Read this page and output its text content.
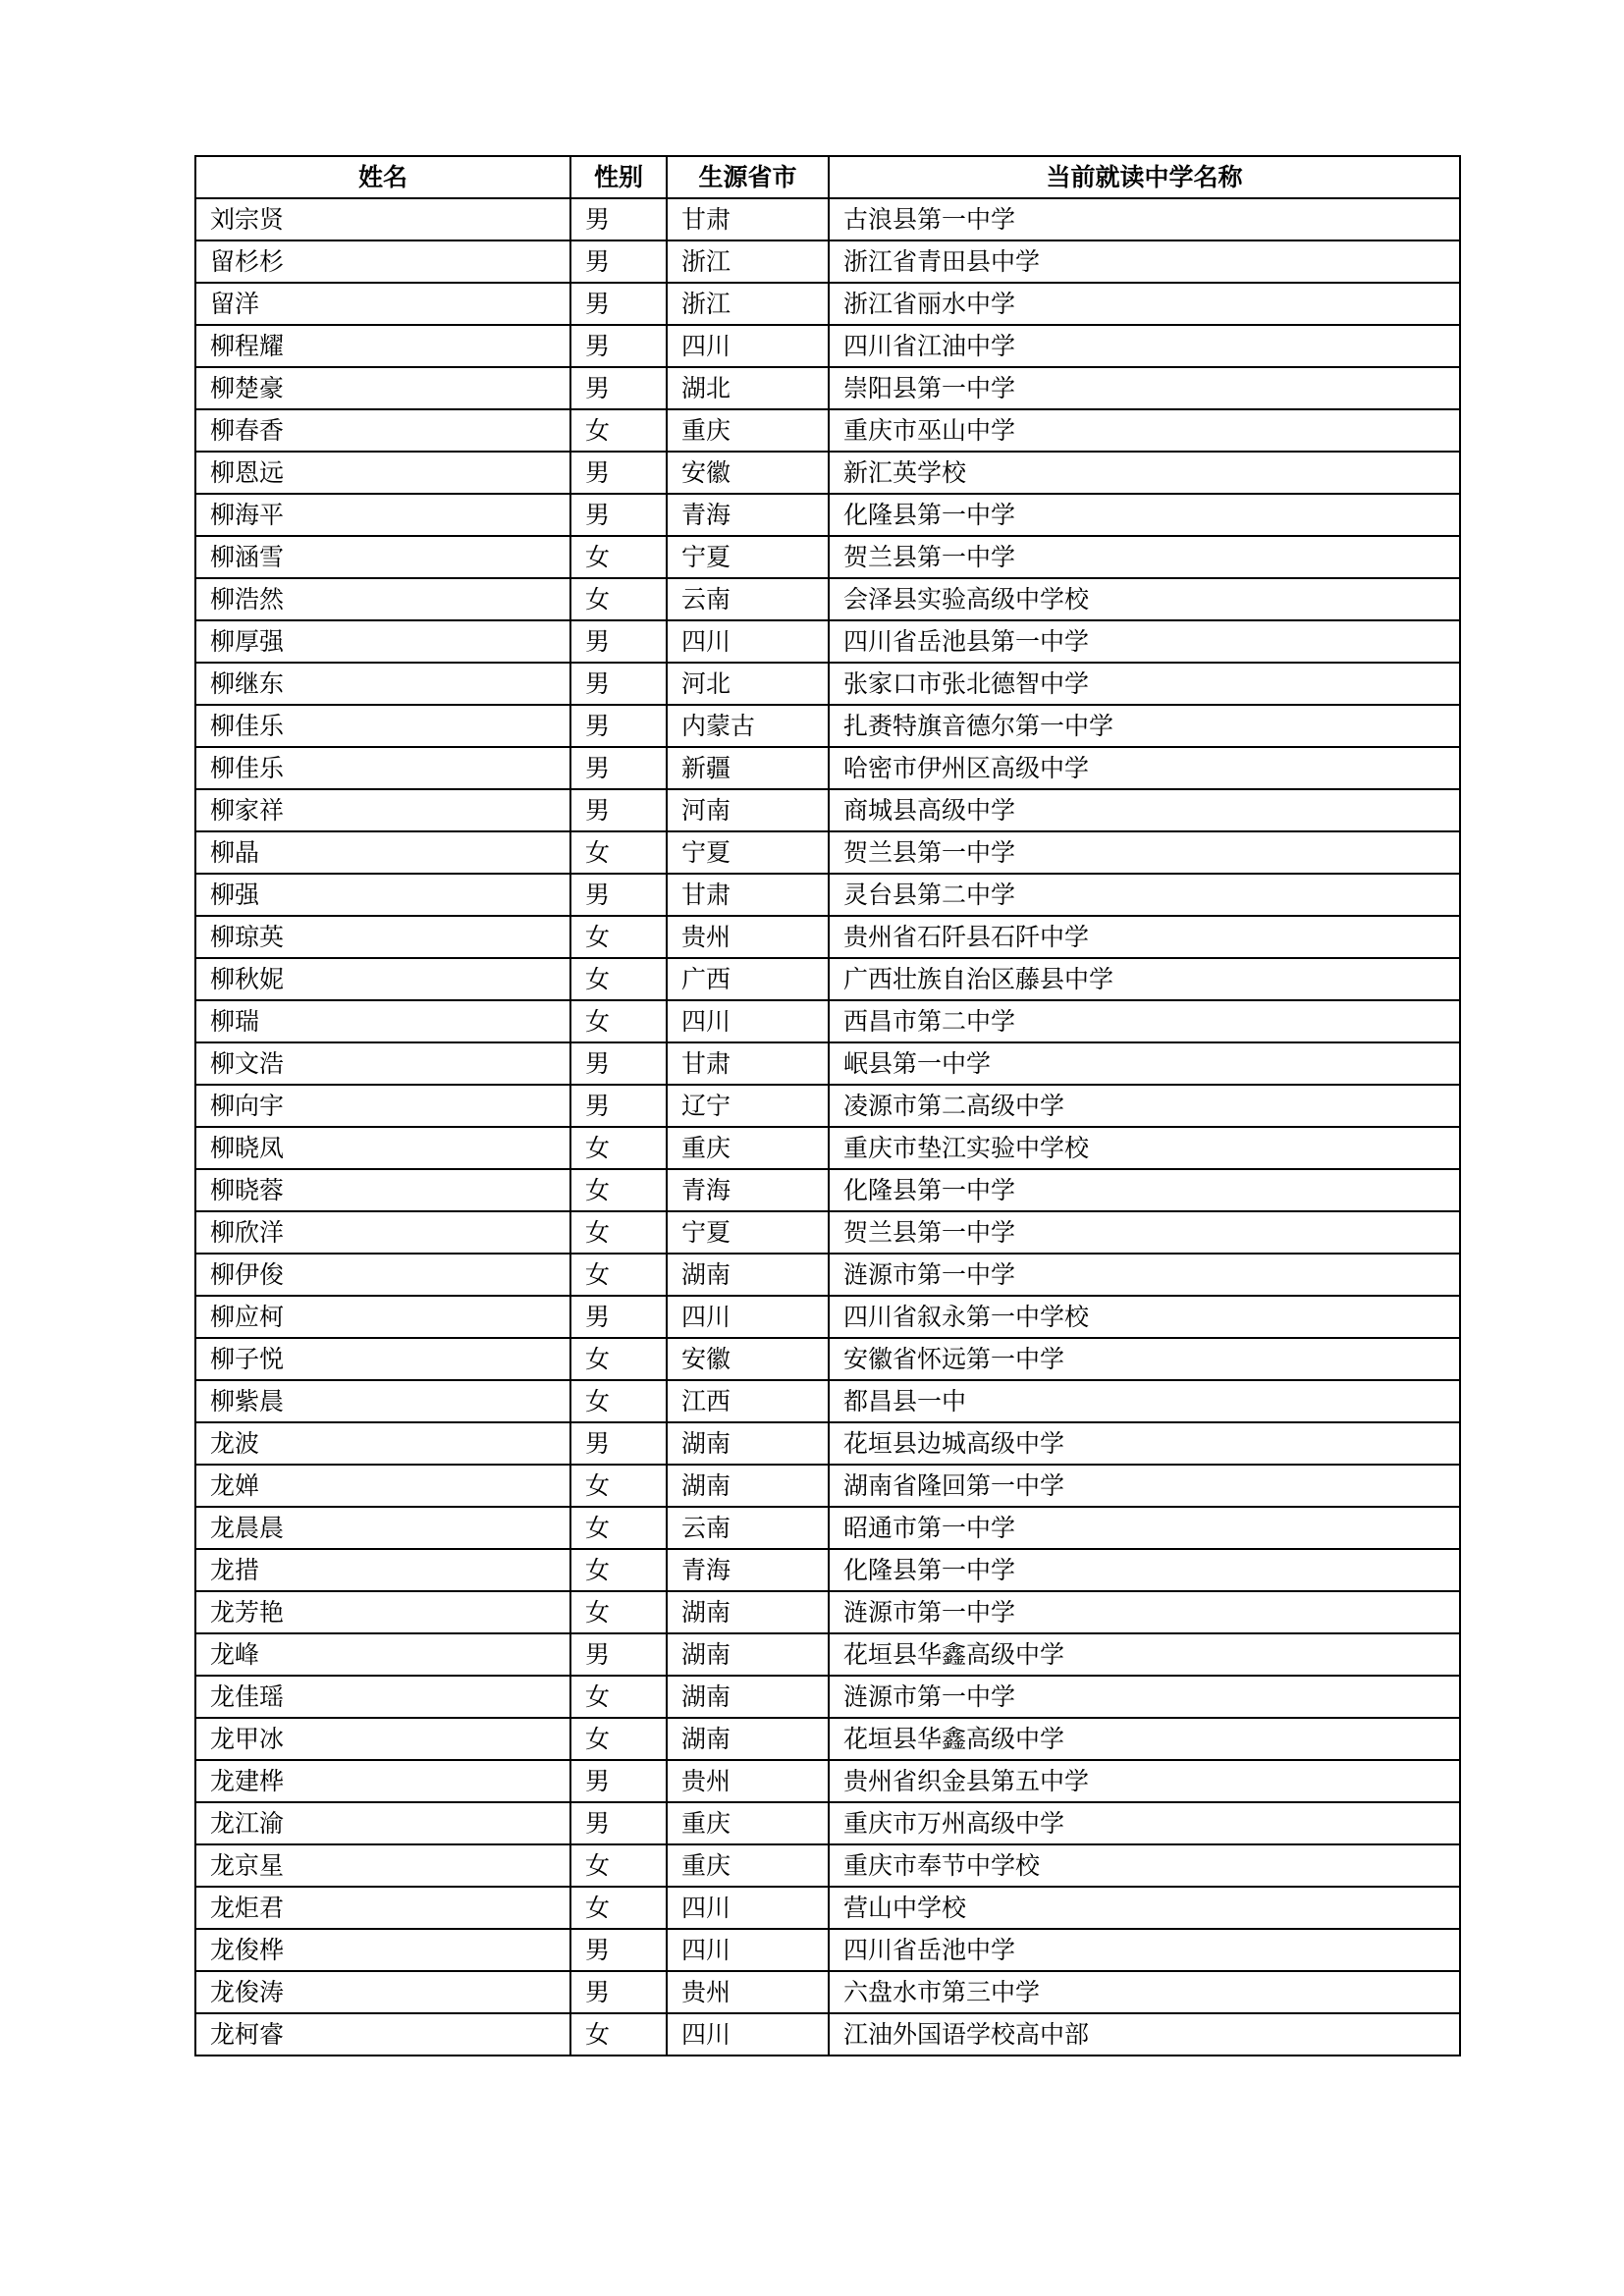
姓名	性别	生源省市	当前就读中学名称
刘宗贤	男	甘肃	古浪县第一中学
留杉杉	男	浙江	浙江省青田县中学
留洋	男	浙江	浙江省丽水中学
柳程耀	男	四川	四川省江油中学
柳楚豪	男	湖北	崇阳县第一中学
柳春香	女	重庆	重庆市巫山中学
柳恩远	男	安徽	新汇英学校
柳海平	男	青海	化隆县第一中学
柳涵雪	女	宁夏	贺兰县第一中学
柳浩然	女	云南	会泽县实验高级中学校
柳厚强	男	四川	四川省岳池县第一中学
柳继东	男	河北	张家口市张北德智中学
柳佳乐	男	内蒙古	扎赉特旗音德尔第一中学
柳佳乐	男	新疆	哈密市伊州区高级中学
柳家祥	男	河南	商城县高级中学
柳晶	女	宁夏	贺兰县第一中学
柳强	男	甘肃	灵台县第二中学
柳琼英	女	贵州	贵州省石阡县石阡中学
柳秋妮	女	广西	广西壮族自治区藤县中学
柳瑞	女	四川	西昌市第二中学
柳文浩	男	甘肃	岷县第一中学
柳向宇	男	辽宁	凌源市第二高级中学
柳晓凤	女	重庆	重庆市垫江实验中学校
柳晓蓉	女	青海	化隆县第一中学
柳欣洋	女	宁夏	贺兰县第一中学
柳伊俊	女	湖南	涟源市第一中学
柳应柯	男	四川	四川省叙永第一中学校
柳子悦	女	安徽	安徽省怀远第一中学
柳紫晨	女	江西	都昌县一中
龙波	男	湖南	花垣县边城高级中学
龙婵	女	湖南	湖南省隆回第一中学
龙晨晨	女	云南	昭通市第一中学
龙措	女	青海	化隆县第一中学
龙芳艳	女	湖南	涟源市第一中学
龙峰	男	湖南	花垣县华鑫高级中学
龙佳瑶	女	湖南	涟源市第一中学
龙甲冰	女	湖南	花垣县华鑫高级中学
龙建桦	男	贵州	贵州省织金县第五中学
龙江渝	男	重庆	重庆市万州高级中学
龙京星	女	重庆	重庆市奉节中学校
龙炬君	女	四川	营山中学校
龙俊桦	男	四川	四川省岳池中学
龙俊涛	男	贵州	六盘水市第三中学
龙柯睿	女	四川	江油外国语学校高中部
